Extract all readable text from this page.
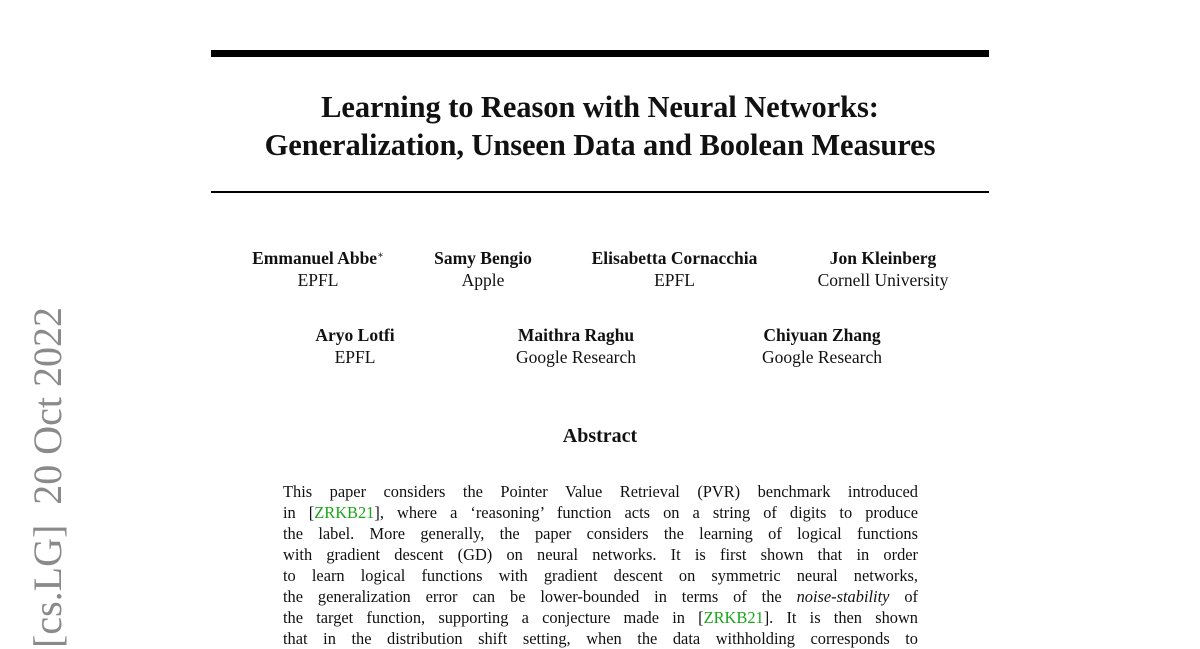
Learning to Reason with Neural Networks:
Generalization, Unseen Data and Boolean Measures
Emmanuel Abbe∗
EPFL
Samy Bengio
Apple
Elisabetta Cornacchia
EPFL
Jon Kleinberg
Cornell University
Aryo Lotfi
EPFL
Maithra Raghu
Google Research
Chiyuan Zhang
Google Research
Abstract
This paper considers the Pointer Value Retrieval (PVR) benchmark introduced
in [ZRKB21], where a ‘reasoning’ function acts on a string of digits to produce
the label. More generally, the paper considers the learning of logical functions
with gradient descent (GD) on neural networks. It is first shown that in order
to learn logical functions with gradient descent on symmetric neural networks,
the generalization error can be lower-bounded in terms of the noise-stability of
the target function, supporting a conjecture made in [ZRKB21]. It is then shown
that in the distribution shift setting, when the data withholding corresponds to
[cs.LG]20 Oct 2022
